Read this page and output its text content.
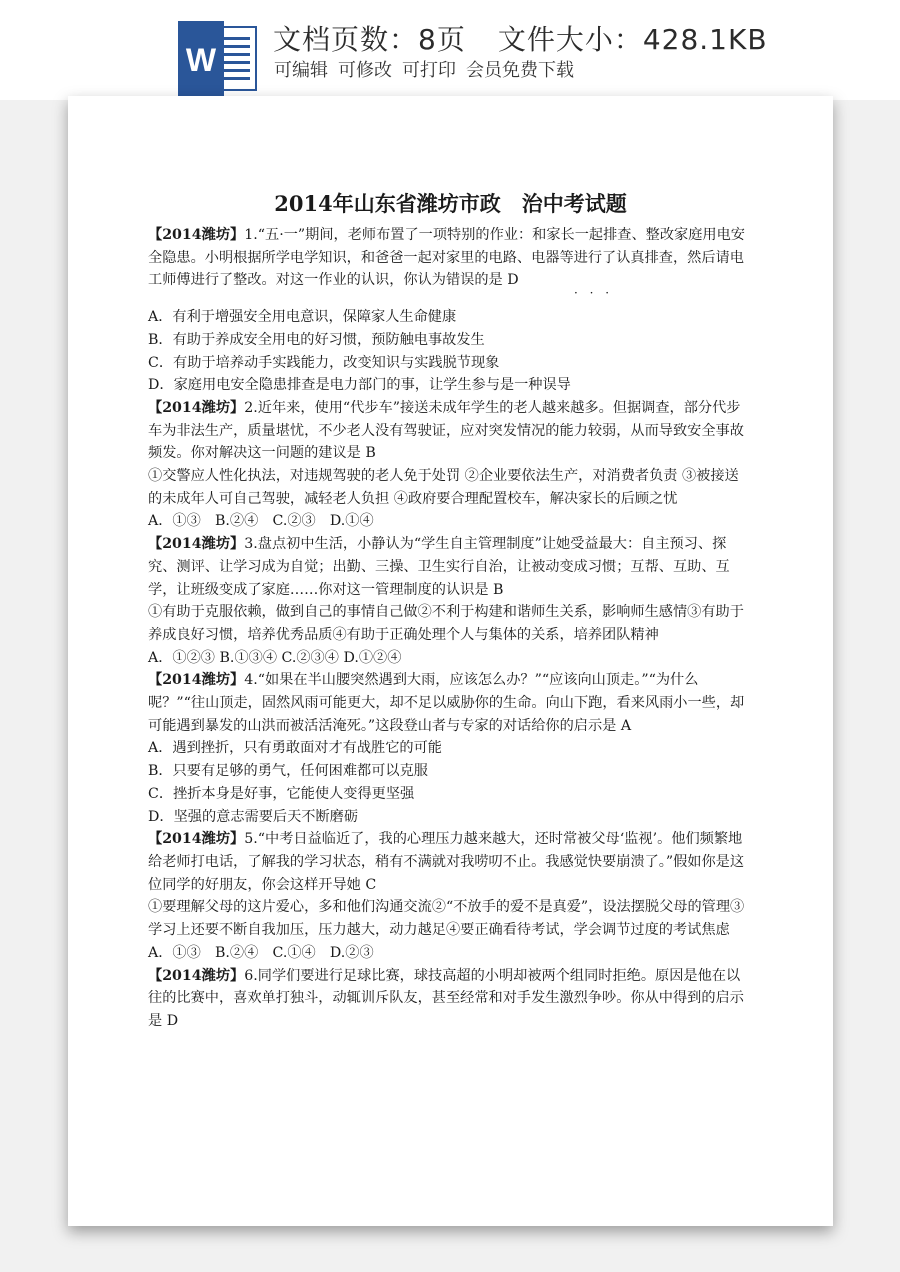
W
文档页数：8页 文件大小：428.1KB
可编辑 可修改 可打印 会员免费下载
2014年山东省潍坊市政　治中考试题

【2014潍坊】1.“五·一”期间，老师布置了一项特别的作业：和家长一起排查、整改家庭用电安全隐患。小明根据所学电学知识，和爸爸一起对家里的电路、电器等进行了认真排查，然后请电工师傅进行了整改。对这一作业的认识，你认为错误的是 D

· · ·

A．有利于增强安全用电意识，保障家人生命健康

B．有助于养成安全用电的好习惯，预防触电事故发生

C．有助于培养动手实践能力，改变知识与实践脱节现象

D．家庭用电安全隐患排查是电力部门的事，让学生参与是一种误导

【2014潍坊】2.近年来，使用“代步车”接送未成年学生的老人越来越多。但据调查，部分代步车为非法生产，质量堪忧，不少老人没有驾驶证，应对突发情况的能力较弱，从而导致安全事故频发。你对解决这一问题的建议是 B

①交警应人性化执法，对违规驾驶的老人免于处罚 ②企业要依法生产，对消费者负责 ③被接送的未成年人可自己驾驶，减轻老人负担 ④政府要合理配置校车，解决家长的后顾之忧

A．①③　B.②④　C.②③　D.①④

【2014潍坊】3.盘点初中生活，小静认为“学生自主管理制度”让她受益最大：自主预习、探究、测评、让学习成为自觉；出勤、三操、卫生实行自治，让被动变成习惯；互帮、互助、互学，让班级变成了家庭……你对这一管理制度的认识是 B

①有助于克服依赖，做到自己的事情自己做②不利于构建和谐师生关系，影响师生感情③有助于养成良好习惯，培养优秀品质④有助于正确处理个人与集体的关系，培养团队精神

A．①②③ B.①③④ C.②③④ D.①②④

【2014潍坊】4.“如果在半山腰突然遇到大雨，应该怎么办？”“应该向山顶走。”“为什么呢？”“往山顶走，固然风雨可能更大，却不足以威胁你的生命。向山下跑，看来风雨小一些，却可能遇到暴发的山洪而被活活淹死。”这段登山者与专家的对话给你的启示是 A

A．遇到挫折，只有勇敢面对才有战胜它的可能

B．只要有足够的勇气，任何困难都可以克服

C．挫折本身是好事，它能使人变得更坚强

D．坚强的意志需要后天不断磨砺

【2014潍坊】5.“中考日益临近了，我的心理压力越来越大，还时常被父母‘监视’。他们频繁地给老师打电话，了解我的学习状态，稍有不满就对我唠叨不止。我感觉快要崩溃了。”假如你是这位同学的好朋友，你会这样开导她 C

①要理解父母的这片爱心，多和他们沟通交流②“不放手的爱不是真爱”，设法摆脱父母的管理③学习上还要不断自我加压，压力越大，动力越足④要正确看待考试，学会调节过度的考试焦虑

A．①③　B.②④　C.①④　D.②③

【2014潍坊】6.同学们要进行足球比赛，球技高超的小明却被两个组同时拒绝。原因是他在以往的比赛中，喜欢单打独斗，动辄训斥队友，甚至经常和对手发生激烈争吵。你从中得到的启示是 D
